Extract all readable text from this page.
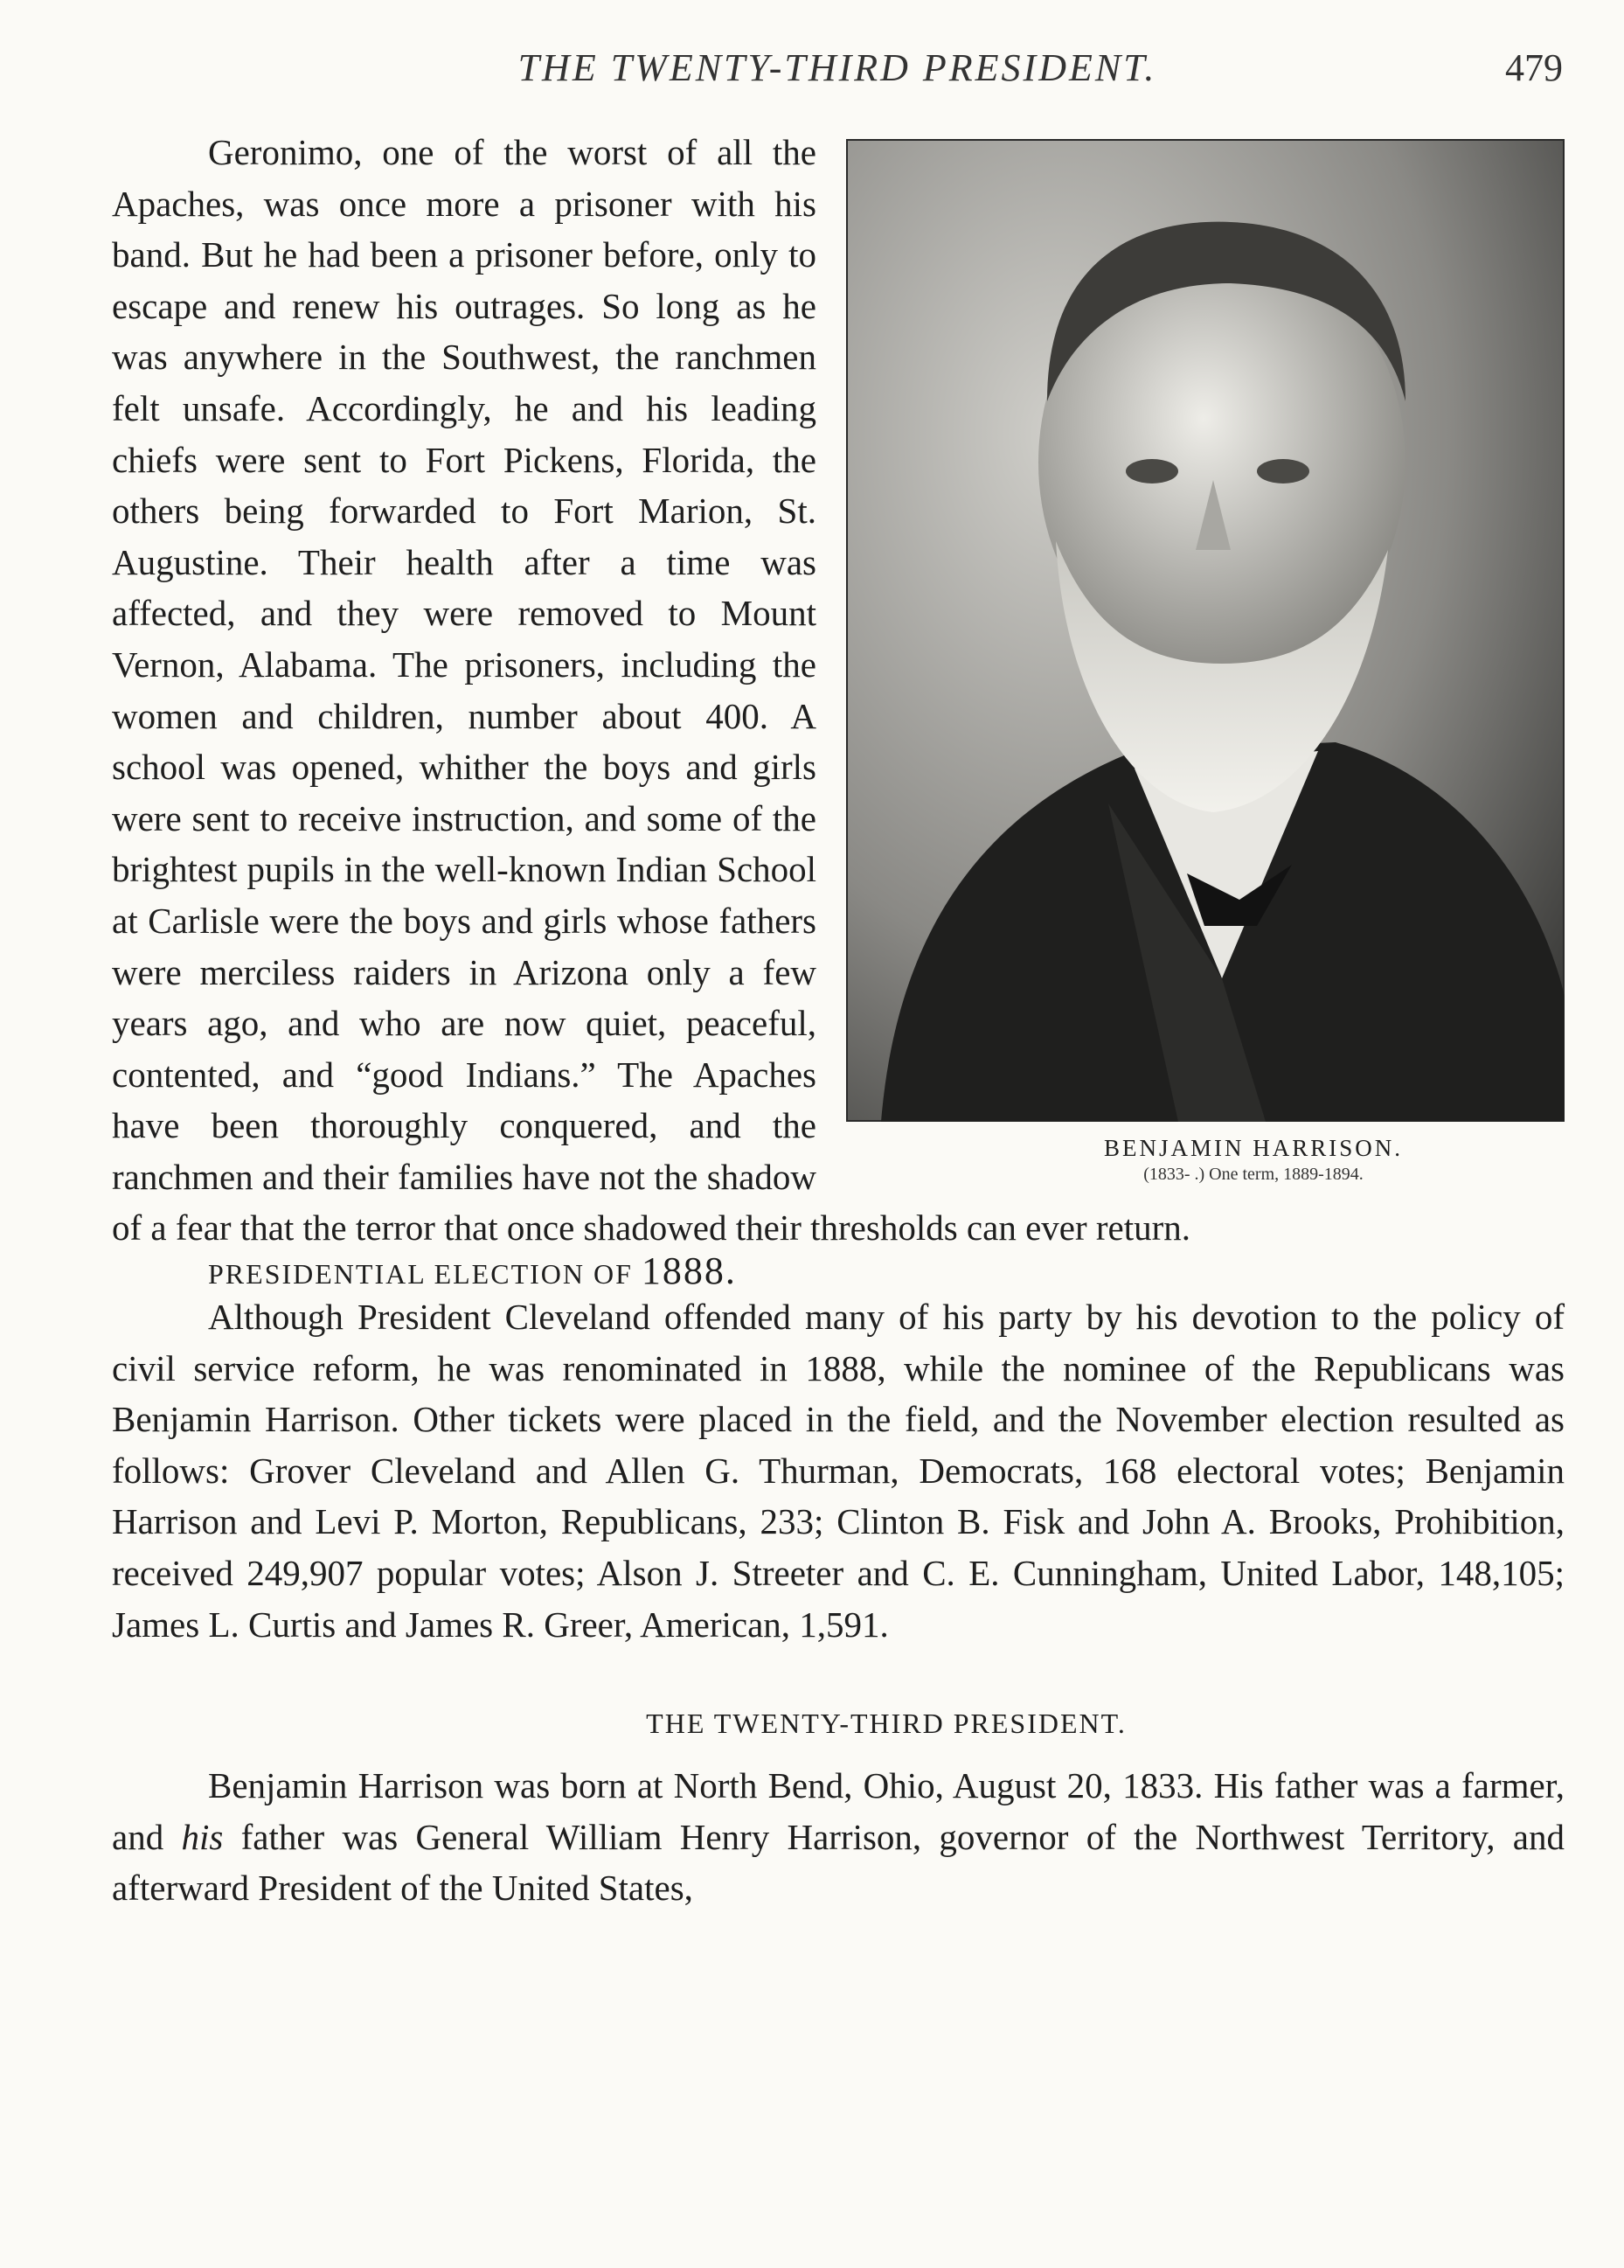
THE TWENTY-THIRD PRESIDENT.	479

BENJAMIN HARRISON.
(1833- .) One term, 1889-1894.
Geronimo, one of the worst of all the Apaches, was once more a prisoner with his band. But he had been a prisoner before, only to escape and renew his outrages. So long as he was anywhere in the Southwest, the ranchmen felt unsafe. Accordingly, he and his leading chiefs were sent to Fort Pickens, Florida, the others being forwarded to Fort Marion, St. Augustine. Their health after a time was affected, and they were removed to Mount Vernon, Alabama. The prisoners, including the women and children, number about 400. A school was opened, whither the boys and girls were sent to receive instruction, and some of the brightest pupils in the well-known Indian School at Carlisle were the boys and girls whose fathers were merciless raiders in Arizona only a few years ago, and who are now quiet, peaceful, contented, and “good Indians.” The Apaches have been thoroughly conquered, and the ranchmen and their families have not the shadow of a fear that the terror that once shadowed their thresholds can ever return.

PRESIDENTIAL ELECTION OF 1888.

Although President Cleveland offended many of his party by his devotion to the policy of civil service reform, he was renominated in 1888, while the nominee of the Republicans was Benjamin Harrison. Other tickets were placed in the field, and the November election resulted as follows: Grover Cleveland and Allen G. Thurman, Democrats, 168 electoral votes; Benjamin Harrison and Levi P. Morton, Republicans, 233; Clinton B. Fisk and John A. Brooks, Prohibition, received 249,907 popular votes; Alson J. Streeter and C. E. Cunningham, United Labor, 148,105; James L. Curtis and James R. Greer, American, 1,591.

THE TWENTY-THIRD PRESIDENT.

Benjamin Harrison was born at North Bend, Ohio, August 20, 1833. His father was a farmer, and his father was General William Henry Harrison, governor of the Northwest Territory, and afterward President of the United States,
